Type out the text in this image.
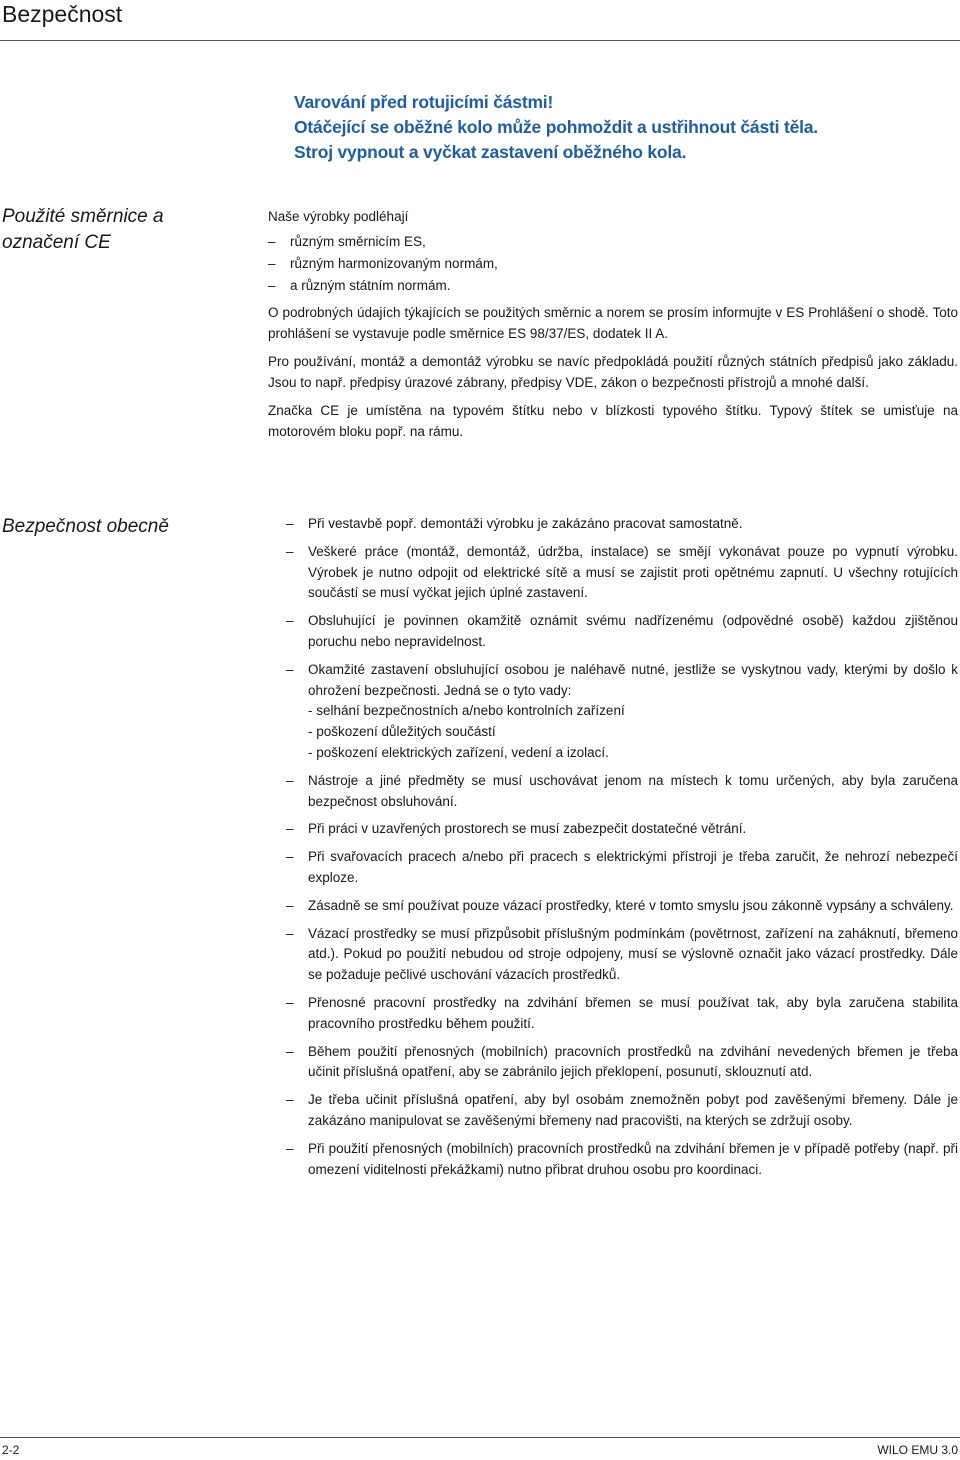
Bezpečnost
Varování před rotujicími částmi!
Otáčející se oběžné kolo může pohmoždit a ustřihnout části těla.
Stroj vypnout a vyčkat zastavení oběžného kola.
Použité směrnice a
označení CE

Naše výrobky podléhají

–	různým směrnicím ES,
–	různým harmonizovaným normám,
–	a různým státním normám.
O podrobných údajích týkajících se použitých směrnic a norem se prosím informujte v ES Prohlášení o shodě. Toto prohlášení se vystavuje podle směrnice ES 98/37/ES, dodatek II A.
Pro používání, montáž a demontáž výrobku se navíc předpokládá použití různých státních předpisů jako základu. Jsou to např. předpisy úrazové zábrany, předpisy VDE, zákon o bezpečnosti přístrojů a mnohé další.
Značka CE je umístěna na typovém štítku nebo v blízkosti typového štítku. Typový štítek se umisťuje na motorovém bloku popř. na rámu.
Bezpečnost obecně	–	Při vestavbě popř. demontáži výrobku je zakázáno pracovat samostatně.
–	Veškeré práce (montáž, demontáž, údržba, instalace) se smějí vykonávat pouze po vypnutí výrobku. Výrobek je nutno odpojit od elektrické sítě a musí se zajistit proti opětnému zapnutí. U všechny rotujících součástí se musí vyčkat jejich úplné zastavení.
–	Obsluhující je povinnen okamžitě oznámit svému nadřízenému (odpovědné osobě) každou zjištěnou poruchu nebo nepravidelnost.
–	Okamžité zastavení obsluhující osobou je naléhavě nutné, jestliže se vyskytnou vady, kterými by došlo k ohrožení bezpečnosti. Jedná se o tyto vady:
- selhání bezpečnostních a/nebo kontrolních zařízení
- poškození důležitých součástí
- poškození elektrických zařízení, vedení a izolací.
–	Nástroje a jiné předměty se musí uschovávat jenom na místech k tomu určených, aby byla zaručena bezpečnost obsluhování.
–	Při práci v uzavřených prostorech se musí zabezpečit dostatečné větrání.
–	Při svařovacích pracech a/nebo při pracech s elektrickými přístroji je třeba zaručit, že nehrozí nebezpečí exploze.
–	Zásadně se smí používat pouze vázací prostředky, které v tomto smyslu jsou zákonně vypsány a schváleny.
–	Vázací prostředky se musí přizpůsobit příslušným podmínkám (povětrnost, zařízení na zaháknutí, břemeno atd.). Pokud po použití nebudou od stroje odpojeny, musí se výslovně označit jako vázací prostředky. Dále se požaduje pečlivé uschování vázacích prostředků.
–	Přenosné pracovní prostředky na zdvihání břemen se musí používat tak, aby byla zaručena stabilita pracovního prostředku během použití.
–	Během použití přenosných (mobilních) pracovních prostředků na zdvihání nevedených břemen je třeba učinit příslušná opatření, aby se zabránilo jejich překlopení, posunutí, sklouznutí atd.
–	Je třeba učinit příslušná opatření, aby byl osobám znemožněn pobyt pod zavěšenými břemeny. Dále je zakázáno manipulovat se zavěšenými břemeny nad pracovišti, na kterých se zdržují osoby.
–	Při použití přenosných (mobilních) pracovních prostředků na zdvihání břemen je v případě potřeby (např. při omezení viditelnosti překážkami) nutno přibrat druhou osobu pro koordinaci.
2-2	WILO EMU 3.0
